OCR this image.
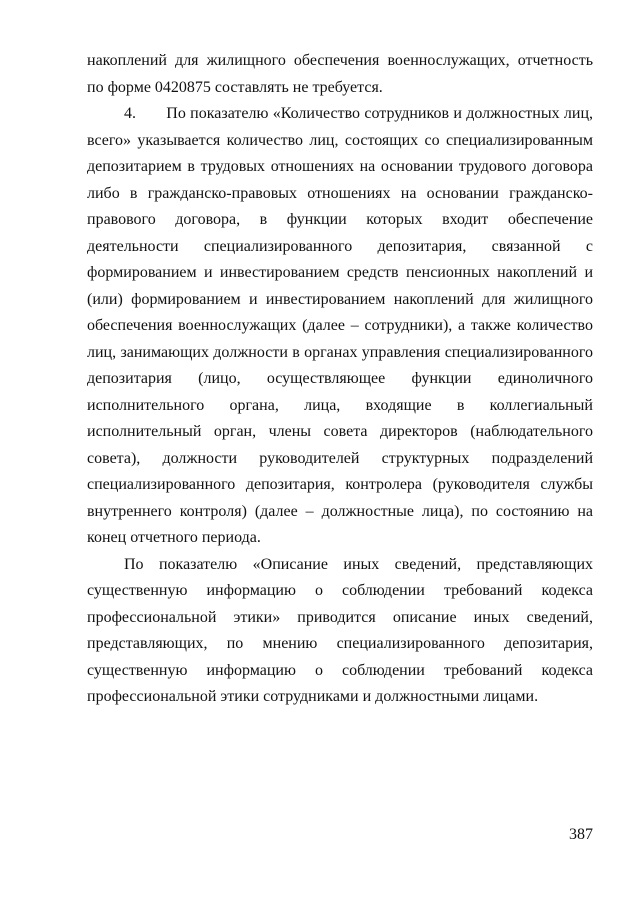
накоплений для жилищного обеспечения военнослужащих, отчетность по форме 0420875 составлять не требуется.

4.       По показателю «Количество сотрудников и должностных лиц, всего» указывается количество лиц, состоящих со специализированным депозитарием в трудовых отношениях на основании трудового договора либо в гражданско-правовых отношениях на основании гражданско-правового договора, в функции которых входит обеспечение деятельности специализированного депозитария, связанной с формированием и инвестированием средств пенсионных накоплений и (или) формированием и инвестированием накоплений для жилищного обеспечения военнослужащих (далее – сотрудники), а также количество лиц, занимающих должности в органах управления специализированного депозитария (лицо, осуществляющее функции единоличного исполнительного органа, лица, входящие в коллегиальный исполнительный орган, члены совета директоров (наблюдательного совета), должности руководителей структурных подразделений специализированного депозитария, контролера (руководителя службы внутреннего контроля) (далее – должностные лица), по состоянию на конец отчетного периода.

По показателю «Описание иных сведений, представляющих существенную информацию о соблюдении требований кодекса профессиональной этики» приводится описание иных сведений, представляющих, по мнению специализированного депозитария, существенную информацию о соблюдении требований кодекса профессиональной этики сотрудниками и должностными лицами.

387
